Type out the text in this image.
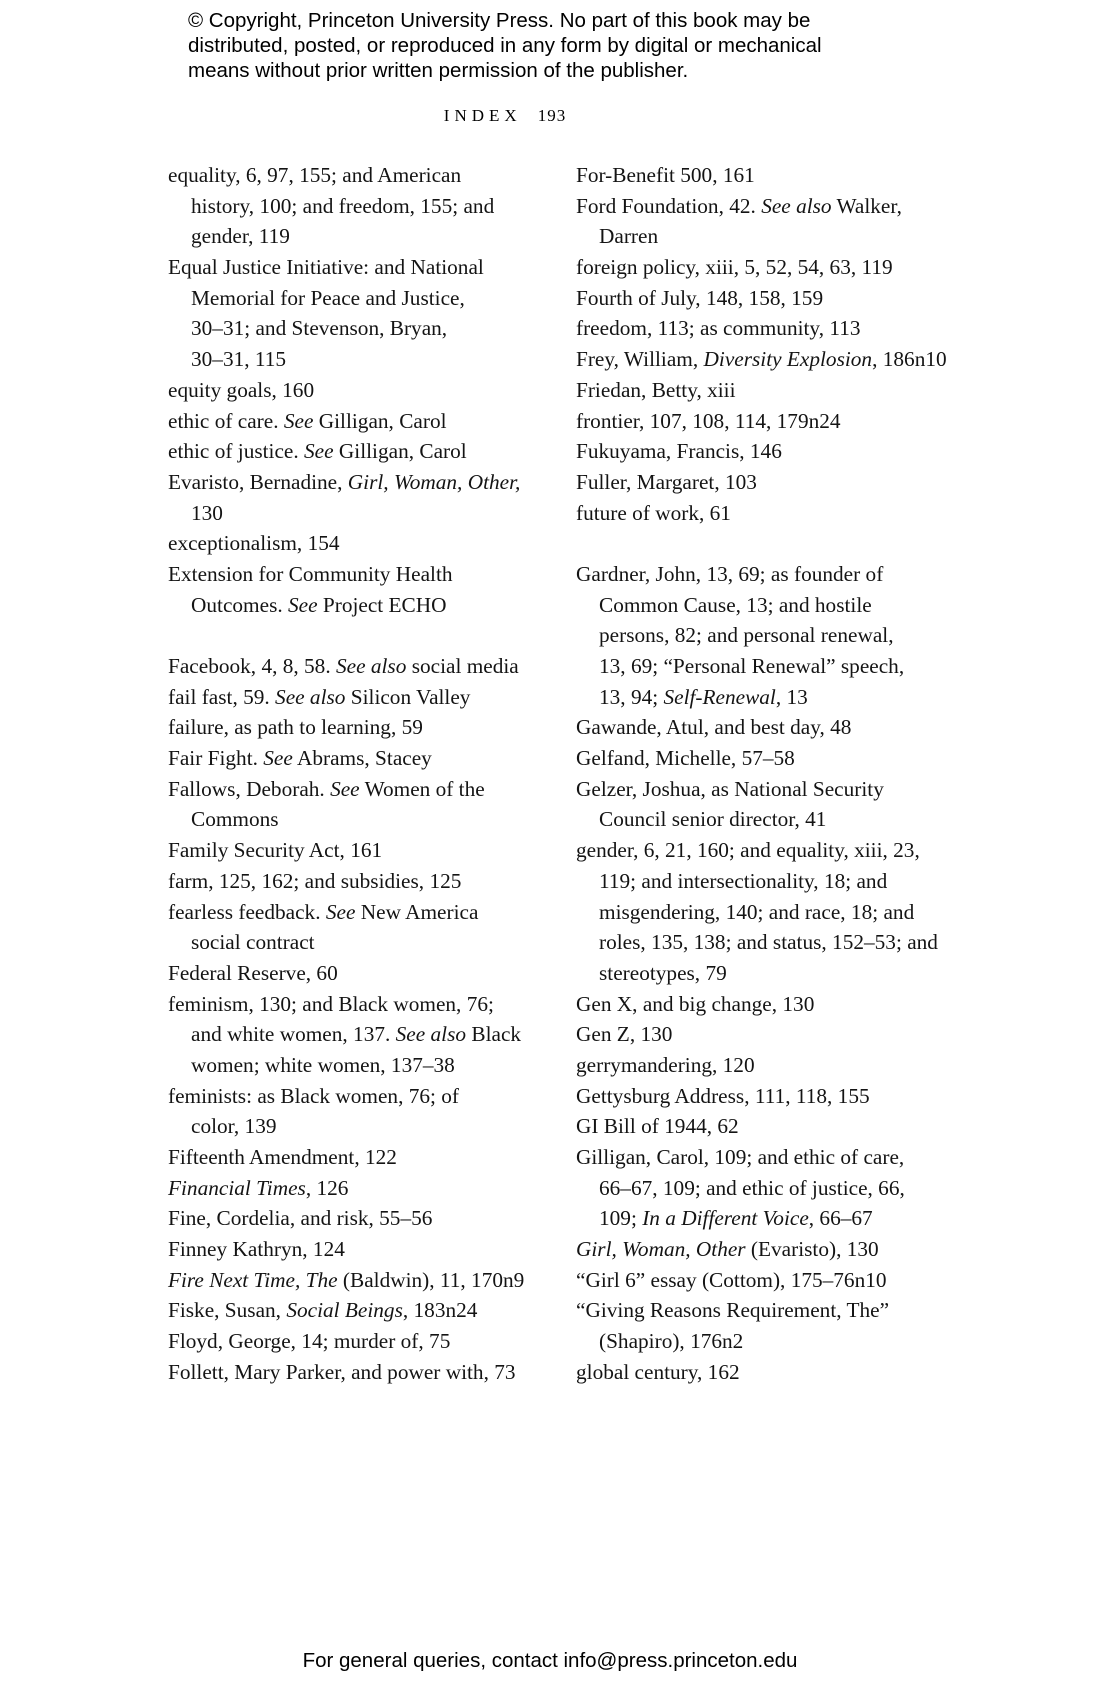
© Copyright, Princeton University Press. No part of this book may be
distributed, posted, or reproduced in any form by digital or mechanical
means without prior written permission of the publisher.
INDEX 193
equality, 6, 97, 155; and American
history, 100; and freedom, 155; and
gender, 119
Equal Justice Initiative: and National
Memorial for Peace and Justice,
30–31; and Stevenson, Bryan,
30–31, 115
equity goals, 160
ethic of care. See Gilligan, Carol
ethic of justice. See Gilligan, Carol
Evaristo, Bernadine, Girl, Woman, Other,
130
exceptionalism, 154
Extension for Community Health
Outcomes. See Project ECHO
Facebook, 4, 8, 58. See also social media
fail fast, 59. See also Silicon Valley
failure, as path to learning, 59
Fair Fight. See Abrams, Stacey
Fallows, Deborah. See Women of the
Commons
Family Security Act, 161
farm, 125, 162; and subsidies, 125
fearless feedback. See New America
social contract
Federal Reserve, 60
feminism, 130; and Black women, 76;
and white women, 137. See also Black
women; white women, 137–38
feminists: as Black women, 76; of
color, 139
Fifteenth Amendment, 122
Financial Times, 126
Fine, Cordelia, and risk, 55–56
Finney Kathryn, 124
Fire Next Time, The (Baldwin), 11, 170n9
Fiske, Susan, Social Beings, 183n24
Floyd, George, 14; murder of, 75
Follett, Mary Parker, and power with, 73
For-Benefit 500, 161
Ford Foundation, 42. See also Walker,
Darren
foreign policy, xiii, 5, 52, 54, 63, 119
Fourth of July, 148, 158, 159
freedom, 113; as community, 113
Frey, William, Diversity Explosion, 186n10
Friedan, Betty, xiii
frontier, 107, 108, 114, 179n24
Fukuyama, Francis, 146
Fuller, Margaret, 103
future of work, 61
Gardner, John, 13, 69; as founder of
Common Cause, 13; and hostile
persons, 82; and personal renewal,
13, 69; “Personal Renewal” speech,
13, 94; Self-Renewal, 13
Gawande, Atul, and best day, 48
Gelfand, Michelle, 57–58
Gelzer, Joshua, as National Security
Council senior director, 41
gender, 6, 21, 160; and equality, xiii, 23,
119; and intersectionality, 18; and
misgendering, 140; and race, 18; and
roles, 135, 138; and status, 152–53; and
stereotypes, 79
Gen X, and big change, 130
Gen Z, 130
gerrymandering, 120
Gettysburg Address, 111, 118, 155
GI Bill of 1944, 62
Gilligan, Carol, 109; and ethic of care,
66–67, 109; and ethic of justice, 66,
109; In a Different Voice, 66–67
Girl, Woman, Other (Evaristo), 130
“Girl 6” essay (Cottom), 175–76n10
“Giving Reasons Requirement, The”
(Shapiro), 176n2
global century, 162
For general queries, contact info@press.princeton.edu
